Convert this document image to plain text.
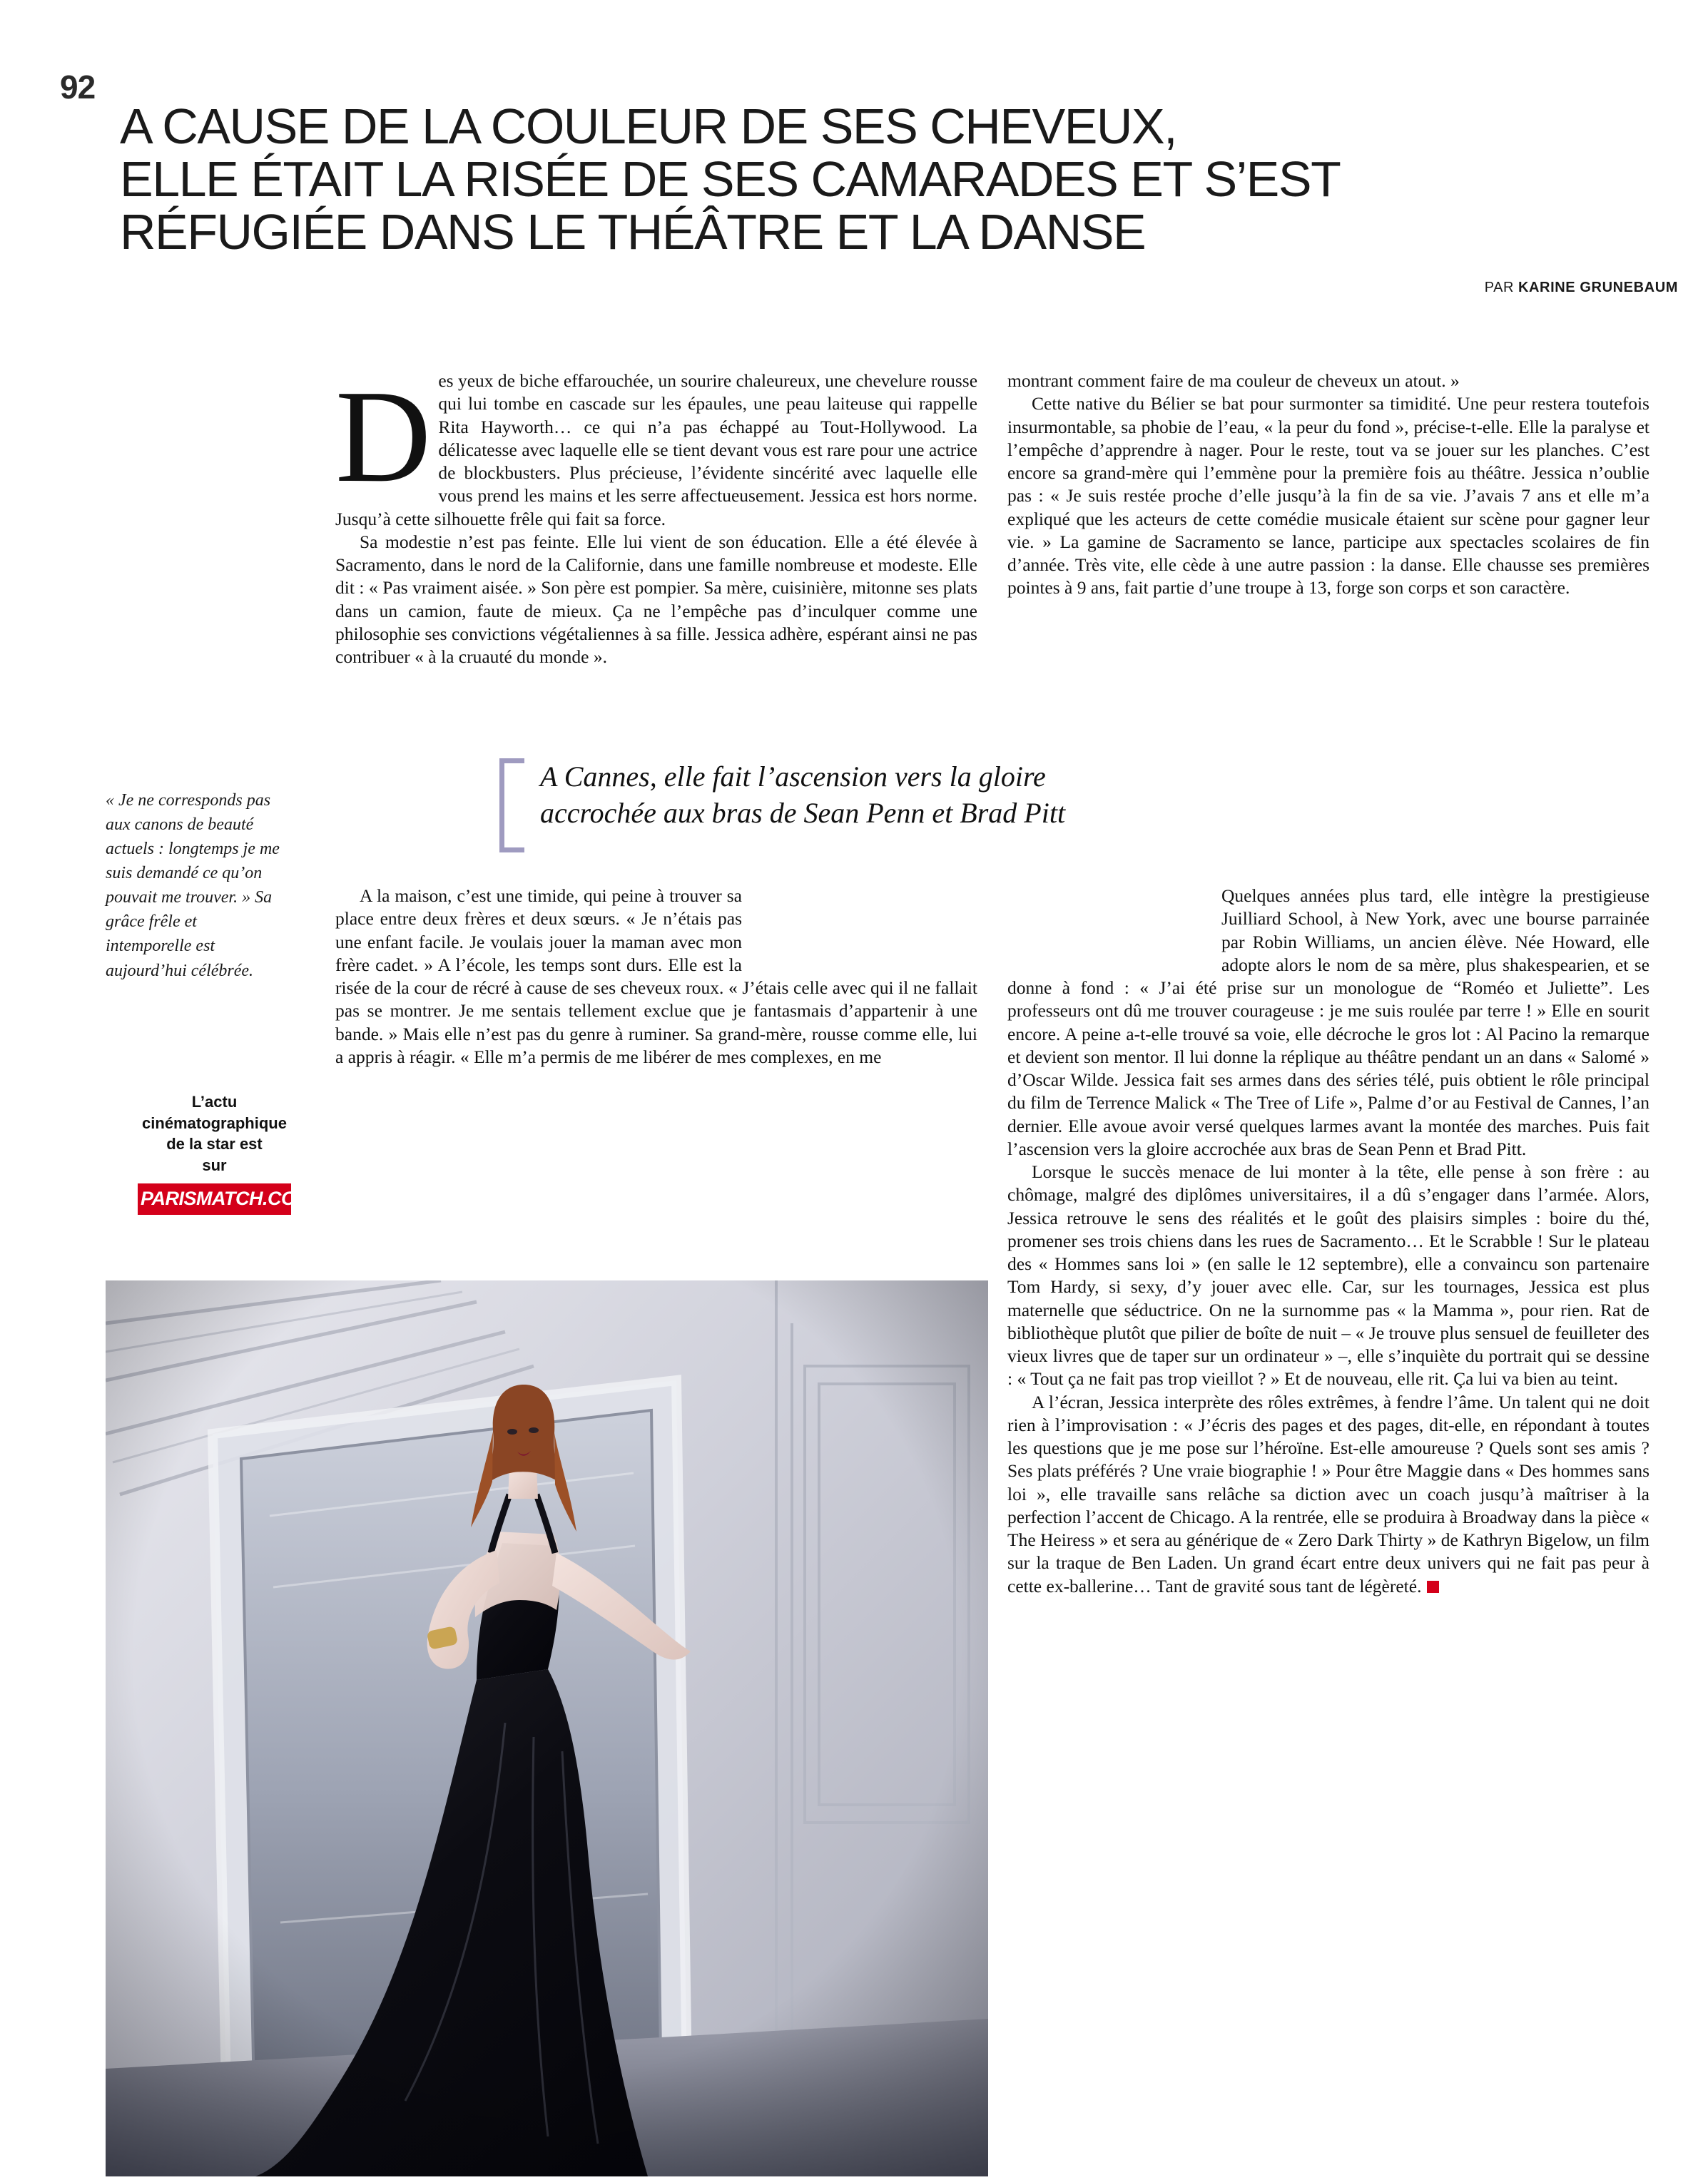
92
A CAUSE DE LA COULEUR DE SES CHEVEUX,
ELLE ÉTAIT LA RISÉE DE SES CAMARADES ET S’EST
RÉFUGIÉE DANS LE THÉÂTRE ET LA DANSE
PAR KARINE GRUNEBAUM
« Je ne corresponds pas aux canons de beauté actuels : longtemps je me suis demandé ce qu’on pouvait me trouver. » Sa grâce frêle et intemporelle est aujourd’hui célébrée.
L’actu
cinématographique
de la star est
sur
PARISMATCH.COM

Des yeux de biche effarouchée, un sourire chaleureux, une chevelure rousse qui lui tombe en cascade sur les épaules, une peau laiteuse qui rappelle Rita Hayworth… ce qui n’a pas échappé au Tout-Hollywood. La délicatesse avec laquelle elle se tient devant vous est rare pour une actrice de blockbusters. Plus précieuse, l’évidente sincérité avec laquelle elle vous prend les mains et les serre affectueusement. Jessica est hors norme. Jusqu’à cette silhouette frêle qui fait sa force.

Sa modestie n’est pas feinte. Elle lui vient de son éducation. Elle a été élevée à Sacramento, dans le nord de la Californie, dans une famille nombreuse et modeste. Elle dit : « Pas vraiment aisée. » Son père est pompier. Sa mère, cuisinière, mitonne ses plats dans un camion, faute de mieux. Ça ne l’empêche pas d’inculquer comme une philosophie ses convictions végétaliennes à sa fille. Jessica adhère, espérant ainsi ne pas contribuer « à la cruauté du monde ».

A la maison, c’est une timide, qui peine à trouver sa place entre deux frères et deux sœurs. « Je n’étais pas une enfant facile. Je voulais jouer la maman avec mon frère cadet. » A l’école, les temps sont durs. Elle est la risée de la cour de récré à cause de ses cheveux roux. « J’étais celle avec qui il ne fallait pas se montrer. Je me sentais tellement exclue que je fantasmais d’appartenir à une bande. » Mais elle n’est pas du genre à ruminer. Sa grand-mère, rousse comme elle, lui a appris à réagir. « Elle m’a permis de me libérer de mes complexes, en me

montrant comment faire de ma couleur de cheveux un atout. »

Cette native du Bélier se bat pour surmonter sa timidité. Une peur restera toutefois insurmontable, sa phobie de l’eau, « la peur du fond », précise-t-elle. Elle la paralyse et l’empêche d’apprendre à nager. Pour le reste, tout va se jouer sur les planches. C’est encore sa grand-mère qui l’emmène pour la première fois au théâtre. Jessica n’oublie pas : « Je suis restée proche d’elle jusqu’à la fin de sa vie. J’avais 7 ans et elle m’a expliqué que les acteurs de cette comédie musicale étaient sur scène pour gagner leur vie. » La gamine de Sacramento se lance, participe aux spectacles scolaires de fin d’année. Très vite, elle cède à une autre passion : la danse. Elle chausse ses premières pointes à 9 ans, fait partie d’une troupe à 13, forge son corps et son caractère.

Quelques années plus tard, elle intègre la prestigieuse Juilliard School, à New York, avec une bourse parrainée par Robin Williams, un ancien élève. Née Howard, elle adopte alors le nom de sa mère, plus shakespearien, et se donne à fond : « J’ai été prise sur un monologue de “Roméo et Juliette”. Les professeurs ont dû me trouver courageuse : je me suis roulée par terre ! » Elle en sourit encore. A peine a-t-elle trouvé sa voie, elle décroche le gros lot : Al Pacino la remarque et devient son mentor. Il lui donne la réplique au théâtre pendant un an dans « Salomé » d’Oscar Wilde. Jessica fait ses armes dans des séries télé, puis obtient le rôle principal du film de Terrence Malick « The Tree of Life », Palme d’or au Festival de Cannes, l’an dernier. Elle avoue avoir versé quelques larmes avant la montée des marches. Puis fait l’ascension vers la gloire accrochée aux bras de Sean Penn et Brad Pitt.

Lorsque le succès menace de lui monter à la tête, elle pense à son frère : au chômage, malgré des diplômes universitaires, il a dû s’engager dans l’armée. Alors, Jessica retrouve le sens des réalités et le goût des plaisirs simples : boire du thé, promener ses trois chiens dans les rues de Sacramento… Et le Scrabble ! Sur le plateau des « Hommes sans loi » (en salle le 12 septembre), elle a convaincu son partenaire Tom Hardy, si sexy, d’y jouer avec elle. Car, sur les tournages, Jessica est plus maternelle que séductrice. On ne la surnomme pas « la Mamma », pour rien. Rat de bibliothèque plutôt que pilier de boîte de nuit – « Je trouve plus sensuel de feuilleter des vieux livres que de taper sur un ordinateur » –, elle s’inquiète du portrait qui se dessine : « Tout ça ne fait pas trop vieillot ? » Et de nouveau, elle rit. Ça lui va bien au teint.

A l’écran, Jessica interprète des rôles extrêmes, à fendre l’âme. Un talent qui ne doit rien à l’improvisation : « J’écris des pages et des pages, dit-elle, en répondant à toutes les questions que je me pose sur l’héroïne. Est-elle amoureuse ? Quels sont ses amis ? Ses plats préférés ? Une vraie biographie ! » Pour être Maggie dans « Des hommes sans loi », elle travaille sans relâche sa diction avec un coach jusqu’à maîtriser à la perfection l’accent de Chicago. A la rentrée, elle se produira à Broadway dans la pièce « The Heiress » et sera au générique de « Zero Dark Thirty » de Kathryn Bigelow, un film sur la traque de Ben Laden. Un grand écart entre deux univers qui ne fait pas peur à cette ex-ballerine… Tant de gravité sous tant de légèreté.

A Cannes, elle fait l’ascension vers la gloire
accrochée aux bras de Sean Penn et Brad Pitt
